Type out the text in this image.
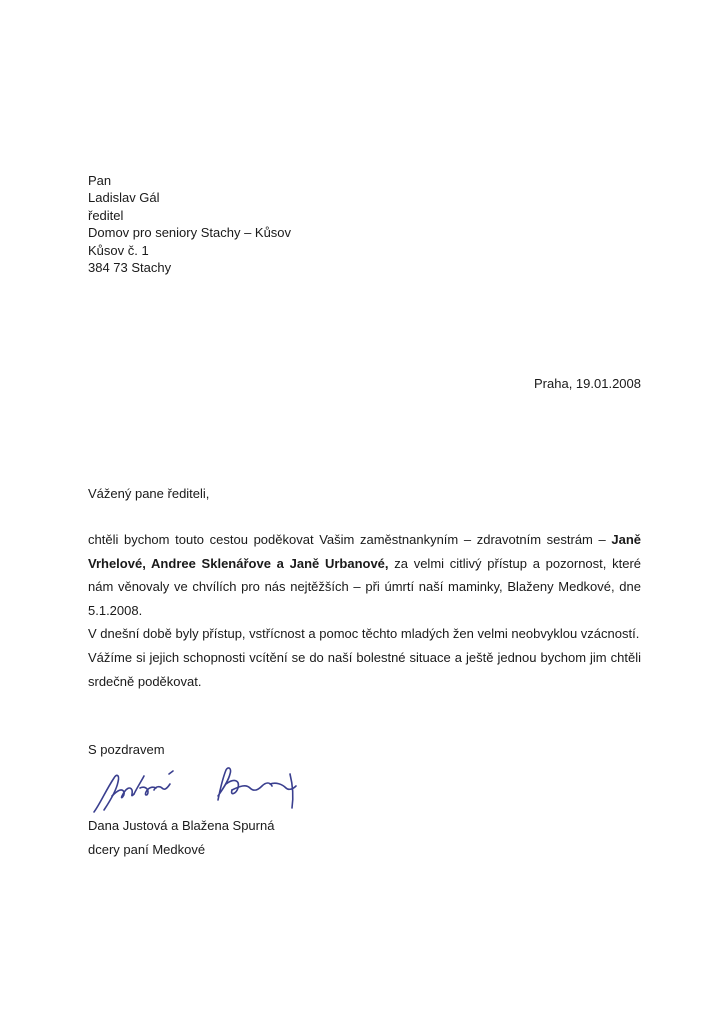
Pan
Ladislav Gál
ředitel
Domov pro seniory Stachy – Kůsov
Kůsov č. 1
384 73 Stachy
Praha, 19.01.2008
Vážený pane řediteli,

chtěli bychom touto cestou poděkovat Vašim zaměstnankyním – zdravotním sestrám – Janě Vrhelové, Andree Sklenářove a Janě Urbanové, za velmi citlivý přístup a pozornost, které nám věnovaly ve chvílích pro nás nejtěžších – při úmrtí naší maminky, Blaženy Medkové, dne 5.1.2008.

V dnešní době byly přístup, vstřícnost a pomoc těchto mladých žen velmi neobvyklou vzácností.

Vážíme si jejich schopnosti vcítění se do naší bolestné situace a ještě jednou bychom jim chtěli srdečně poděkovat.

S pozdravem
Dana Justová a Blažena Spurná
dcery paní Medkové
